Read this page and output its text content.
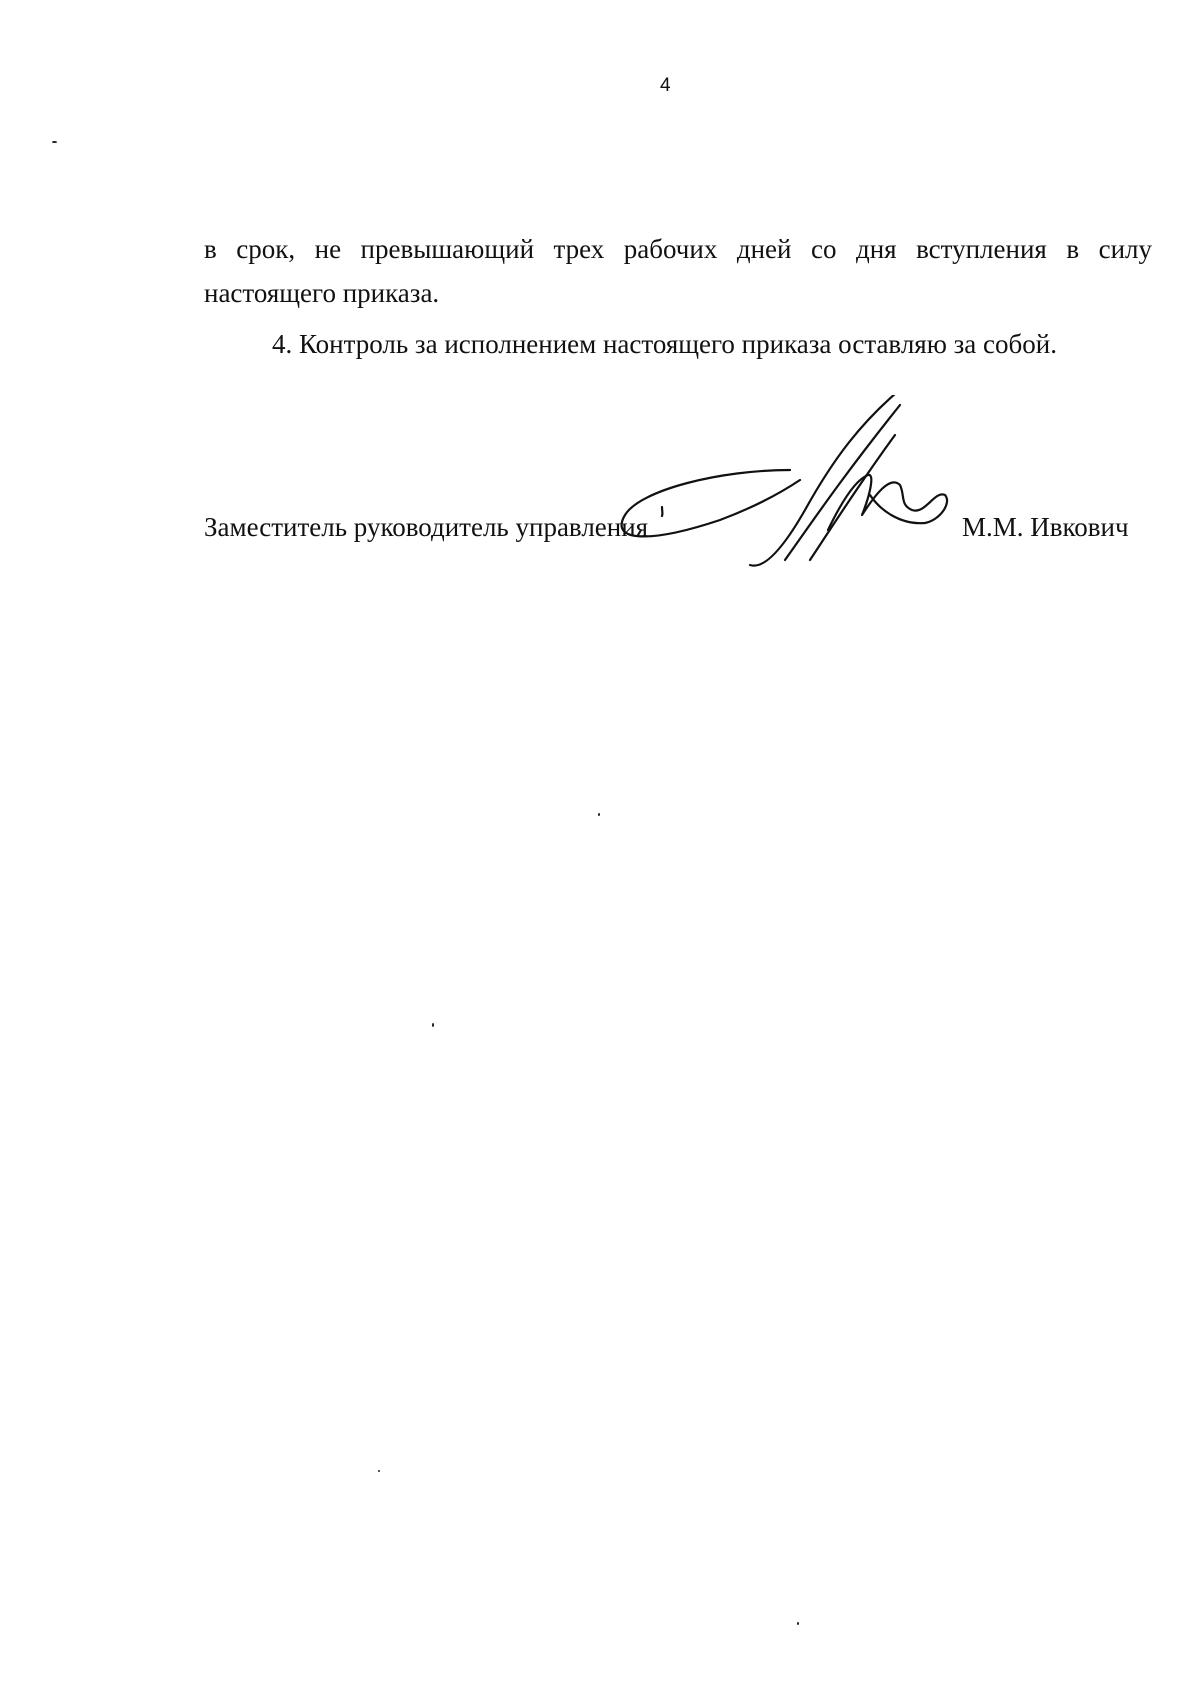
4

в срок, не превышающий трех рабочих дней со дня вступления в силу

настоящего приказа.

4. Контроль за исполнением настоящего приказа оставляю за собой.

Заместитель руководитель управления	М.М. Ивкович
